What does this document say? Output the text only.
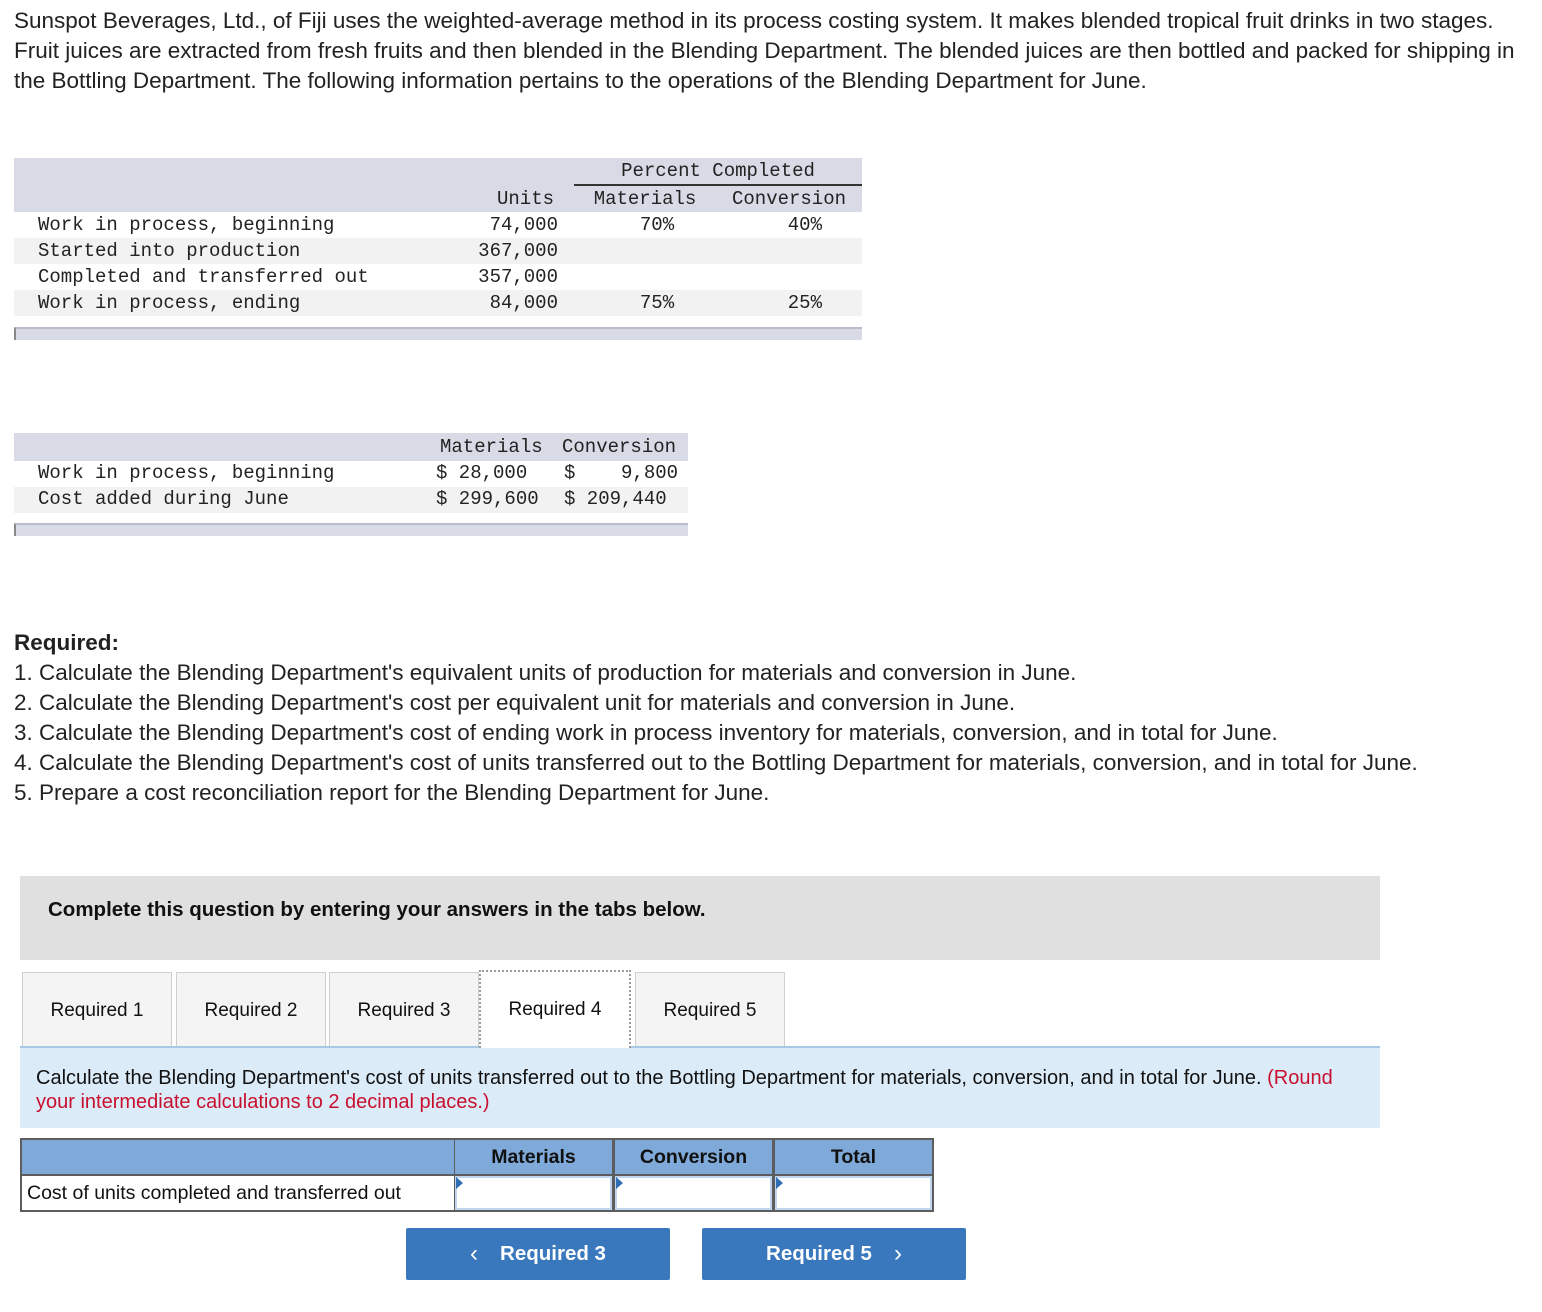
Sunspot Beverages, Ltd., of Fiji uses the weighted-average method in its process costing system. It makes blended tropical fruit drinks in two stages. Fruit juices are extracted from fresh fruits and then blended in the Blending Department. The blended juices are then bottled and packed for shipping in the Bottling Department. The following information pertains to the operations of the Blending Department for June.

Percent Completed
Units	Materials	Conversion
Work in process, beginning	74,000	70%	40%
Started into production	367,000
Completed and transferred out	357,000
Work in process, ending	84,000	75%	25%
Materials Conversion
Work in process, beginning	$ 28,000 $    9,800
Cost added during June	$ 299,600 $ 209,440
Required:
1. Calculate the Blending Department's equivalent units of production for materials and conversion in June.
2. Calculate the Blending Department's cost per equivalent unit for materials and conversion in June.
3. Calculate the Blending Department's cost of ending work in process inventory for materials, conversion, and in total for June.
4. Calculate the Blending Department's cost of units transferred out to the Bottling Department for materials, conversion, and in total for June.
5. Prepare a cost reconciliation report for the Blending Department for June.
Complete this question by entering your answers in the tabs below.
Required 1	Required 2	Required 3	Required 4	Required 5

Calculate the Blending Department's cost of units transferred out to the Bottling Department for materials, conversion, and in total for June. (Round your intermediate calculations to 2 decimal places.)

Materials	Conversion	Total
Cost of units completed and transferred out
‹ Required 3	Required 5 ›
